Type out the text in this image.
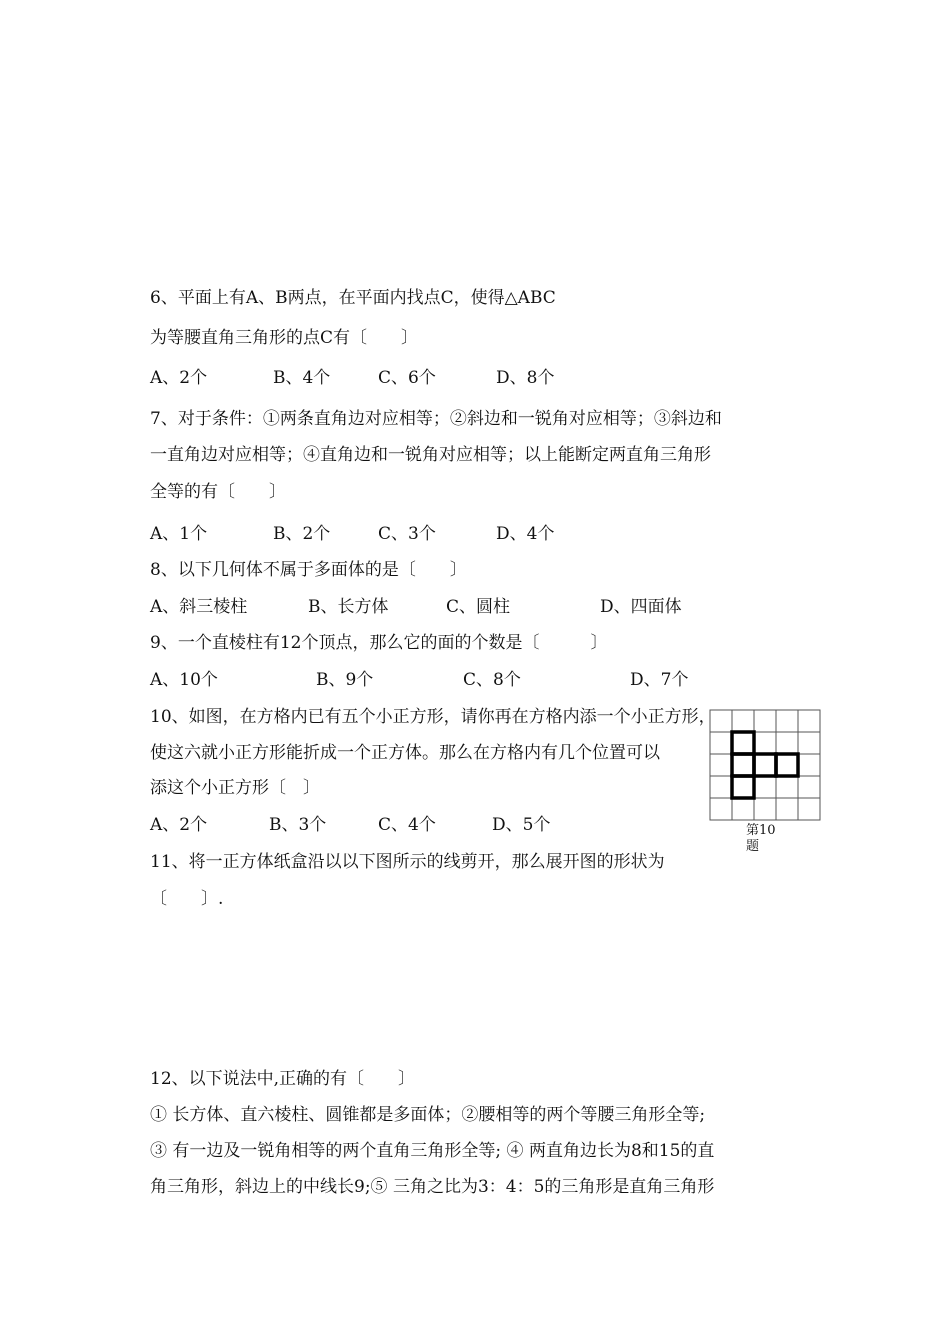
6、平面上有A、B两点，在平面内找点C，使得△ABC
为等腰直角三角形的点C有〔　　〕
A、2个	B、4个	C、6个	D、8个
7、对于条件：①两条直角边对应相等；②斜边和一锐角对应相等；③斜边和
一直角边对应相等；④直角边和一锐角对应相等；以上能断定两直角三角形
全等的有〔　　〕
A、1个	B、2个	C、3个	D、4个
8、以下几何体不属于多面体的是〔　　〕
A、斜三棱柱	B、长方体	C、圆柱	D、四面体
9、一个直棱柱有12个顶点，那么它的面的个数是〔　　　〕
A、10个	B、9个	C、8个	D、7个
10、如图，在方格内已有五个小正方形，请你再在方格内添一个小正方形，
使这六就小正方形能折成一个正方体。那么在方格内有几个位置可以
添这个小正方形〔　〕
A、2个	B、3个	C、4个	D、5个	第10
题
11、将一正方体纸盒沿以以下图所示的线剪开，那么展开图的形状为
〔　　〕.
12、以下说法中,正确的有〔　　〕
① 长方体、直六棱柱、圆锥都是多面体；②腰相等的两个等腰三角形全等;
③ 有一边及一锐角相等的两个直角三角形全等; ④ 两直角边长为8和15的直
角三角形，斜边上的中线长9;⑤ 三角之比为3：4：5的三角形是直角三角形
